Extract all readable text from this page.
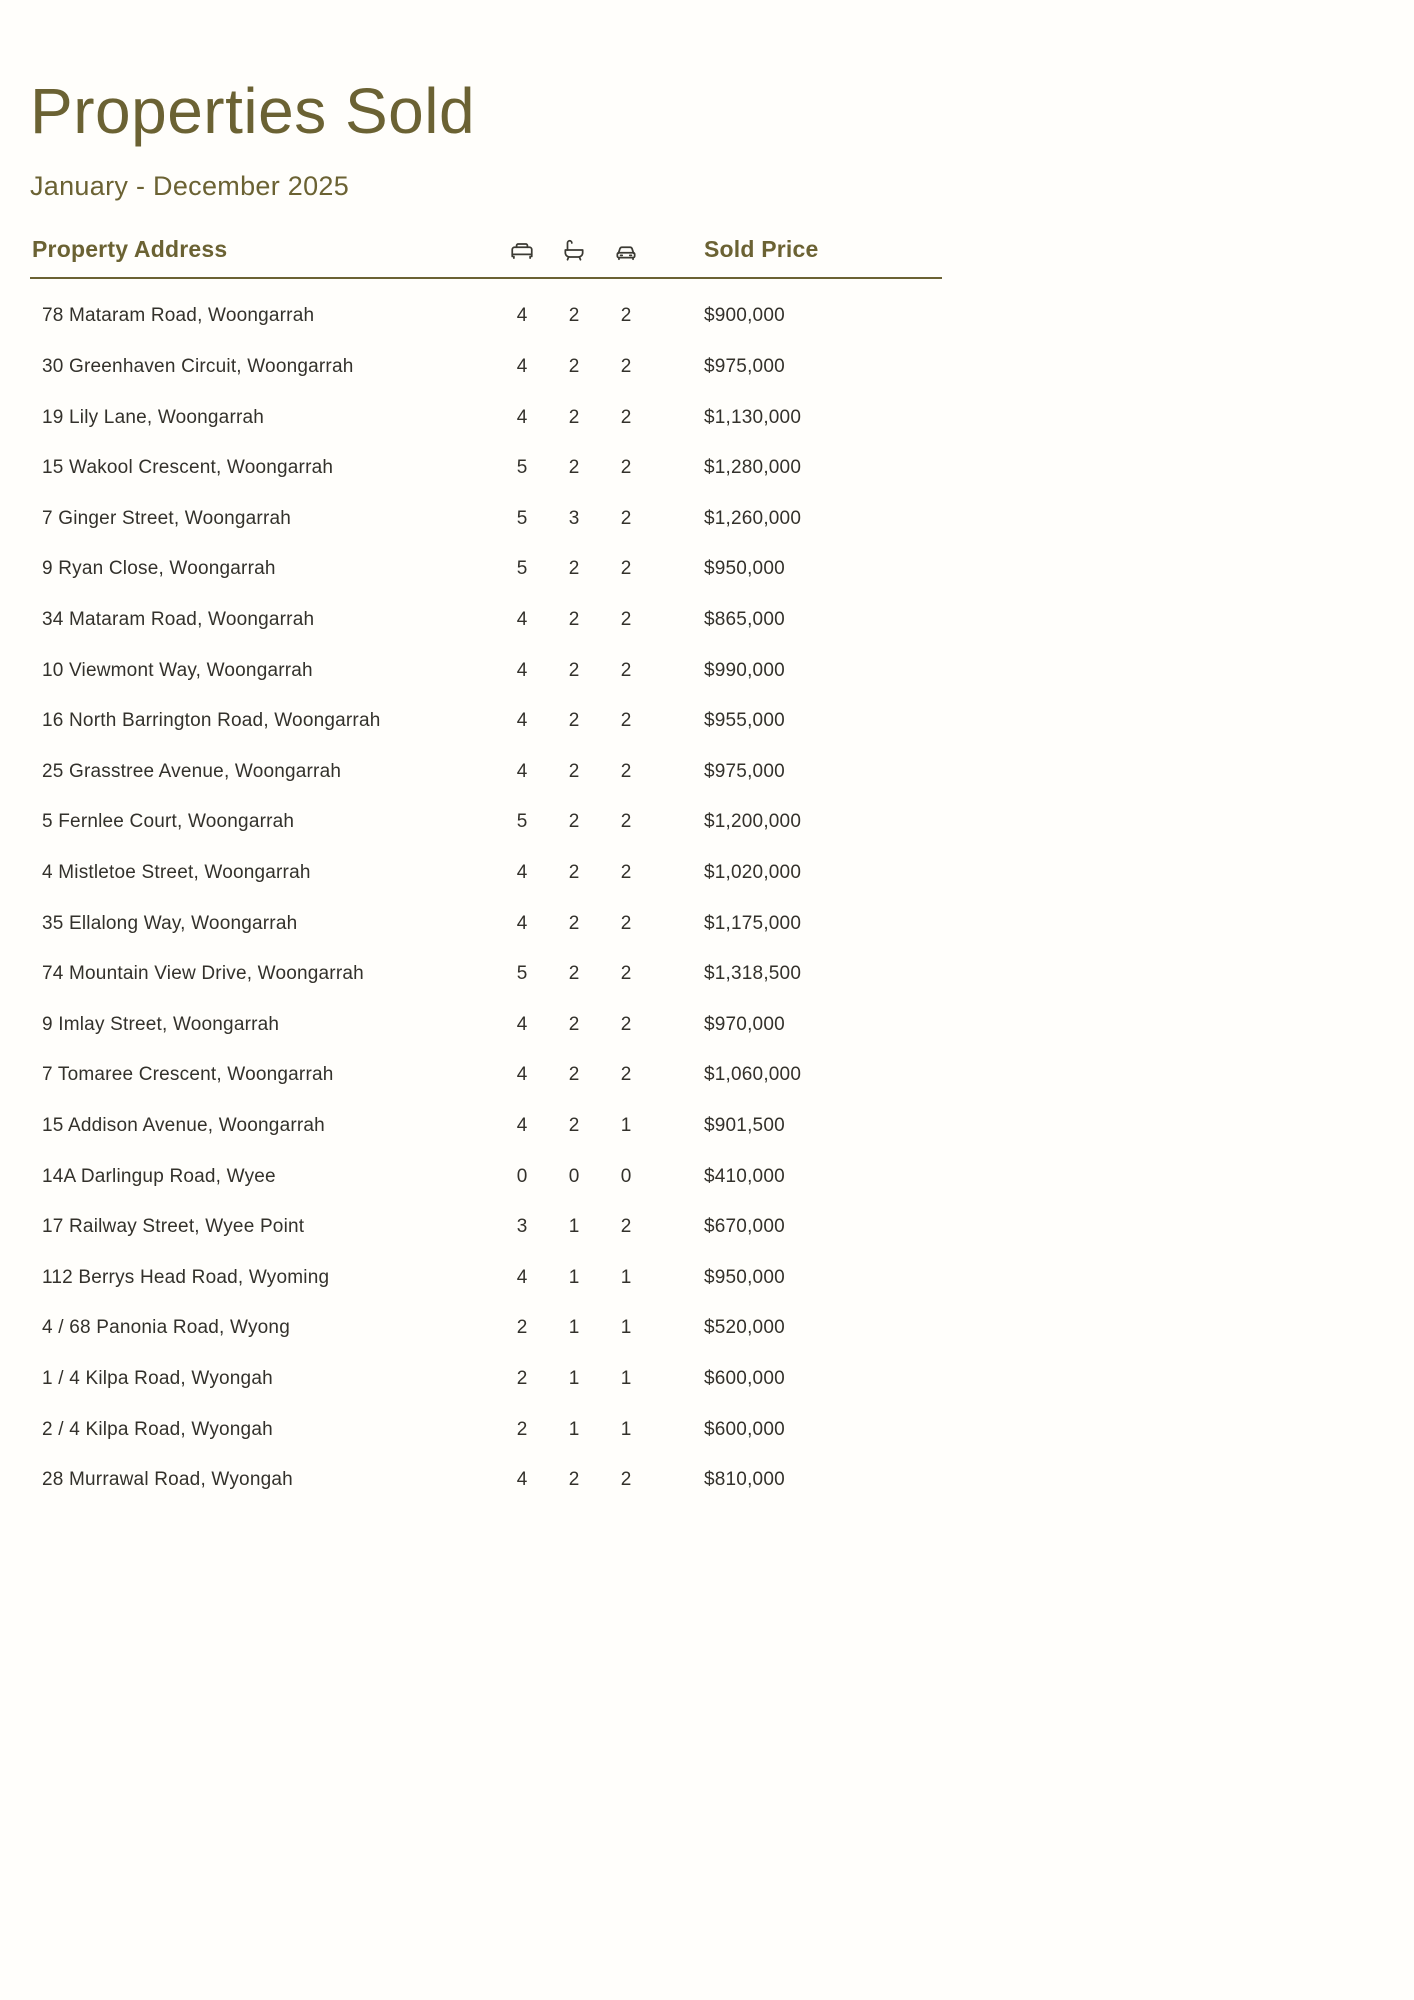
Properties Sold
January - December 2025
Property Address	Sold Price
78 Mataram Road, Woongarrah	4	2	2	$900,000
30 Greenhaven Circuit, Woongarrah	4	2	2	$975,000
19 Lily Lane, Woongarrah	4	2	2	$1,130,000
15 Wakool Crescent, Woongarrah	5	2	2	$1,280,000
7 Ginger Street, Woongarrah	5	3	2	$1,260,000
9 Ryan Close, Woongarrah	5	2	2	$950,000
34 Mataram Road, Woongarrah	4	2	2	$865,000
10 Viewmont Way, Woongarrah	4	2	2	$990,000
16 North Barrington Road, Woongarrah	4	2	2	$955,000
25 Grasstree Avenue, Woongarrah	4	2	2	$975,000
5 Fernlee Court, Woongarrah	5	2	2	$1,200,000
4 Mistletoe Street, Woongarrah	4	2	2	$1,020,000
35 Ellalong Way, Woongarrah	4	2	2	$1,175,000
74 Mountain View Drive, Woongarrah	5	2	2	$1,318,500
9 Imlay Street, Woongarrah	4	2	2	$970,000
7 Tomaree Crescent, Woongarrah	4	2	2	$1,060,000
15 Addison Avenue, Woongarrah	4	2	1	$901,500
14A Darlingup Road, Wyee	0	0	0	$410,000
17 Railway Street, Wyee Point	3	1	2	$670,000
112 Berrys Head Road, Wyoming	4	1	1	$950,000
4 / 68 Panonia Road, Wyong	2	1	1	$520,000
1 / 4 Kilpa Road, Wyongah	2	1	1	$600,000
2 / 4 Kilpa Road, Wyongah	2	1	1	$600,000
28 Murrawal Road, Wyongah	4	2	2	$810,000
